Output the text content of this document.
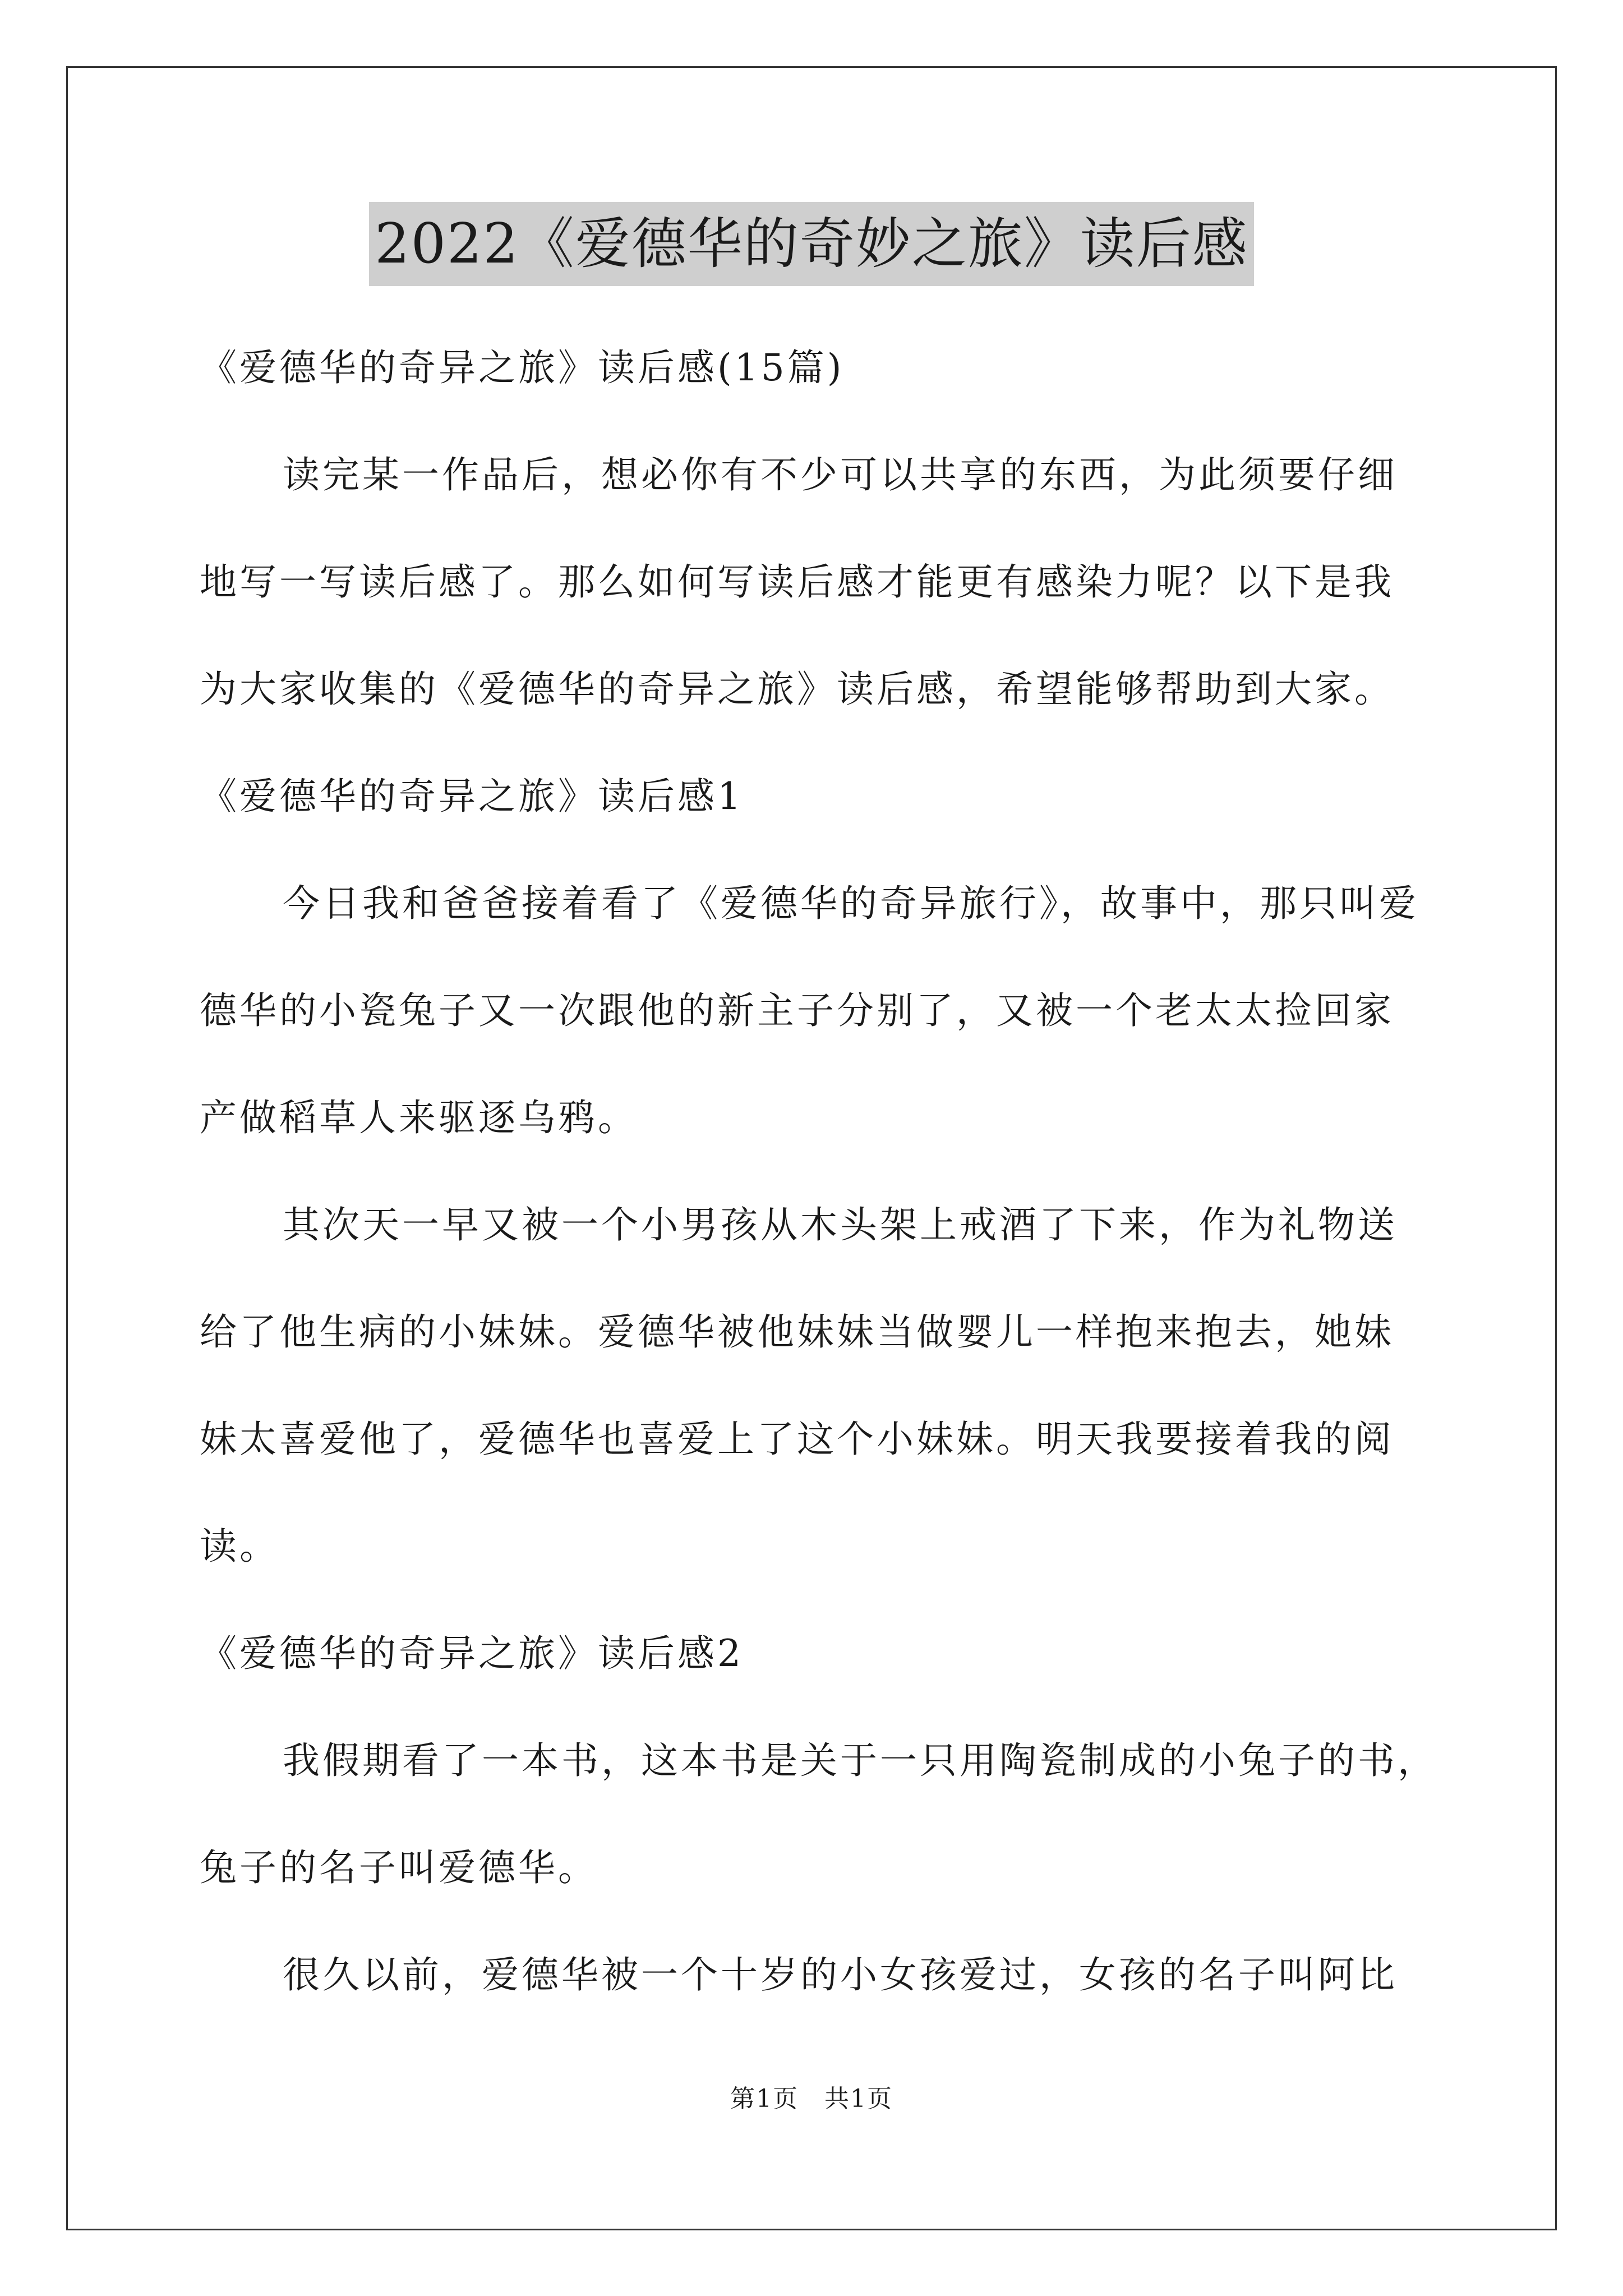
2022《爱德华的奇妙之旅》读后感
《爱德华的奇异之旅》读后感(15篇)
读完某一作品后，想必你有不少可以共享的东西，为此须要仔细
地写一写读后感了。那么如何写读后感才能更有感染力呢？以下是我
为大家收集的《爱德华的奇异之旅》读后感，希望能够帮助到大家。
《爱德华的奇异之旅》读后感1
今日我和爸爸接着看了《爱德华的奇异旅行》，故事中，那只叫爱
德华的小瓷兔子又一次跟他的新主子分别了，又被一个老太太捡回家
产做稻草人来驱逐乌鸦。
其次天一早又被一个小男孩从木头架上戒酒了下来，作为礼物送
给了他生病的小妹妹。爱德华被他妹妹当做婴儿一样抱来抱去，她妹
妹太喜爱他了，爱德华也喜爱上了这个小妹妹。明天我要接着我的阅
读。
《爱德华的奇异之旅》读后感2
我假期看了一本书，这本书是关于一只用陶瓷制成的小兔子的书，
兔子的名子叫爱德华。
很久以前，爱德华被一个十岁的小女孩爱过，女孩的名子叫阿比
第1页　共1页
